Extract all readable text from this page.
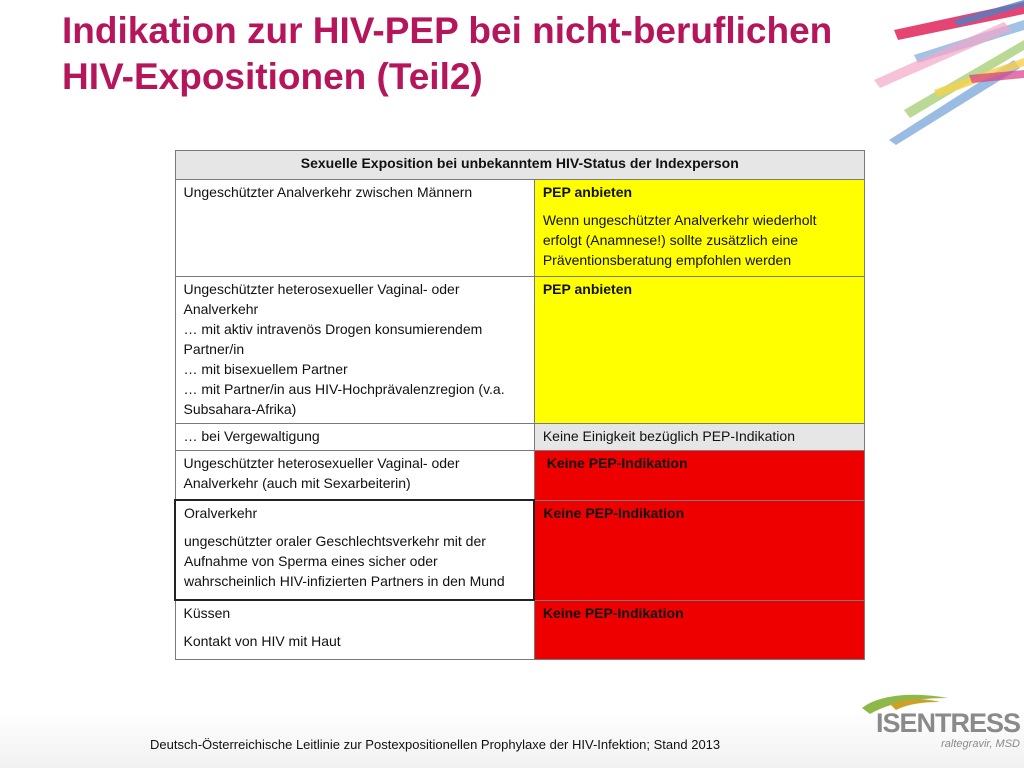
Indikation zur HIV-PEP bei nicht-beruflichen
HIV-Expositionen (Teil2)
Sexuelle Exposition bei unbekanntem HIV-Status der Indexperson	

Ungeschützter Analverkehr zwischen Männern	PEP anbieten
Wenn ungeschützter Analverkehr wiederholt erfolgt (Anamnese!) sollte zusätzlich eine Präventionsberatung empfohlen werden

Ungeschützter heterosexueller Vaginal- oder Analverkehr
… mit aktiv intravenös Drogen konsumierendem Partner/in
… mit bisexuellem Partner
… mit Partner/in aus HIV-Hochprävalenzregion (v.a. Subsahara-Afrika)	PEP anbieten

… bei Vergewaltigung	Keine Einigkeit bezüglich PEP-Indikation

Ungeschützter heterosexueller Vaginal- oder Analverkehr (auch mit Sexarbeiterin)	Keine PEP-Indikation

Oralverkehr
ungeschützter oraler Geschlechtsverkehr mit der Aufnahme von Sperma eines sicher oder wahrscheinlich HIV-infizierten Partners in den Mund	Keine PEP-Indikation

Küssen
Kontakt von HIV mit Haut	Keine PEP-Indikation
Deutsch-Österreichische Leitlinie zur Postexpositionellen Prophylaxe der HIV-Infektion; Stand 2013
ISENTRESS
raltegravir, MSD
